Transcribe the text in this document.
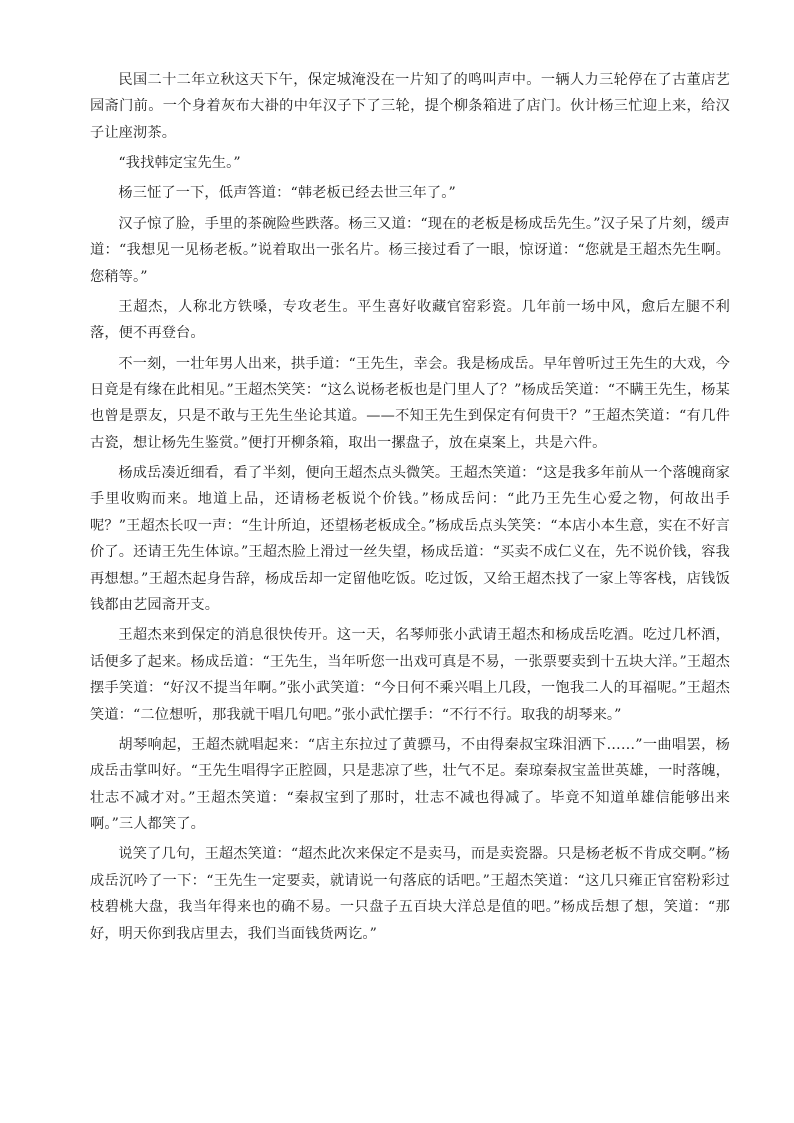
民国二十二年立秋这天下午，保定城淹没在一片知了的鸣叫声中。一辆人力三轮停在了古董店艺园斋门前。一个身着灰布大褂的中年汉子下了三轮，提个柳条箱进了店门。伙计杨三忙迎上来，给汉子让座沏茶。

“我找韩定宝先生。”

杨三怔了一下，低声答道：“韩老板已经去世三年了。”

汉子惊了脸，手里的茶碗险些跌落。杨三又道：“现在的老板是杨成岳先生。”汉子呆了片刻，缓声道：“我想见一见杨老板。”说着取出一张名片。杨三接过看了一眼，惊讶道：“您就是王超杰先生啊。您稍等。”

王超杰，人称北方铁嗓，专攻老生。平生喜好收藏官窑彩瓷。几年前一场中风，愈后左腿不利落，便不再登台。

不一刻，一壮年男人出来，拱手道：“王先生，幸会。我是杨成岳。早年曾听过王先生的大戏，今日竟是有缘在此相见。”王超杰笑笑：“这么说杨老板也是门里人了？”杨成岳笑道：“不瞒王先生，杨某也曾是票友，只是不敢与王先生坐论其道。——不知王先生到保定有何贵干？”王超杰笑道：“有几件古瓷，想让杨先生鉴赏。”便打开柳条箱，取出一摞盘子，放在桌案上，共是六件。

杨成岳凑近细看，看了半刻，便向王超杰点头微笑。王超杰笑道：“这是我多年前从一个落魄商家手里收购而来。地道上品，还请杨老板说个价钱。”杨成岳问：“此乃王先生心爱之物，何故出手呢？”王超杰长叹一声：“生计所迫，还望杨老板成全。”杨成岳点头笑笑：“本店小本生意，实在不好言价了。还请王先生体谅。”王超杰脸上滑过一丝失望，杨成岳道：“买卖不成仁义在，先不说价钱，容我再想想。”王超杰起身告辞，杨成岳却一定留他吃饭。吃过饭，又给王超杰找了一家上等客栈，店钱饭钱都由艺园斋开支。

王超杰来到保定的消息很快传开。这一天，名琴师张小武请王超杰和杨成岳吃酒。吃过几杯酒，话便多了起来。杨成岳道：“王先生，当年听您一出戏可真是不易，一张票要卖到十五块大洋。”王超杰摆手笑道：“好汉不提当年啊。”张小武笑道：“今日何不乘兴唱上几段，一饱我二人的耳福呢。”王超杰笑道：“二位想听，那我就干唱几句吧。”张小武忙摆手：“不行不行。取我的胡琴来。”

胡琴响起，王超杰就唱起来：“店主东拉过了黄骠马，不由得秦叔宝珠泪洒下……”一曲唱罢，杨成岳击掌叫好。“王先生唱得字正腔圆，只是悲凉了些，壮气不足。秦琼秦叔宝盖世英雄，一时落魄，壮志不减才对。”王超杰笑道：“秦叔宝到了那时，壮志不减也得减了。毕竟不知道单雄信能够出来啊。”三人都笑了。

说笑了几句，王超杰笑道：“超杰此次来保定不是卖马，而是卖瓷器。只是杨老板不肯成交啊。”杨成岳沉吟了一下：“王先生一定要卖，就请说一句落底的话吧。”王超杰笑道：“这几只雍正官窑粉彩过枝碧桃大盘，我当年得来也的确不易。一只盘子五百块大洋总是值的吧。”杨成岳想了想，笑道：“那好，明天你到我店里去，我们当面钱货两讫。”
